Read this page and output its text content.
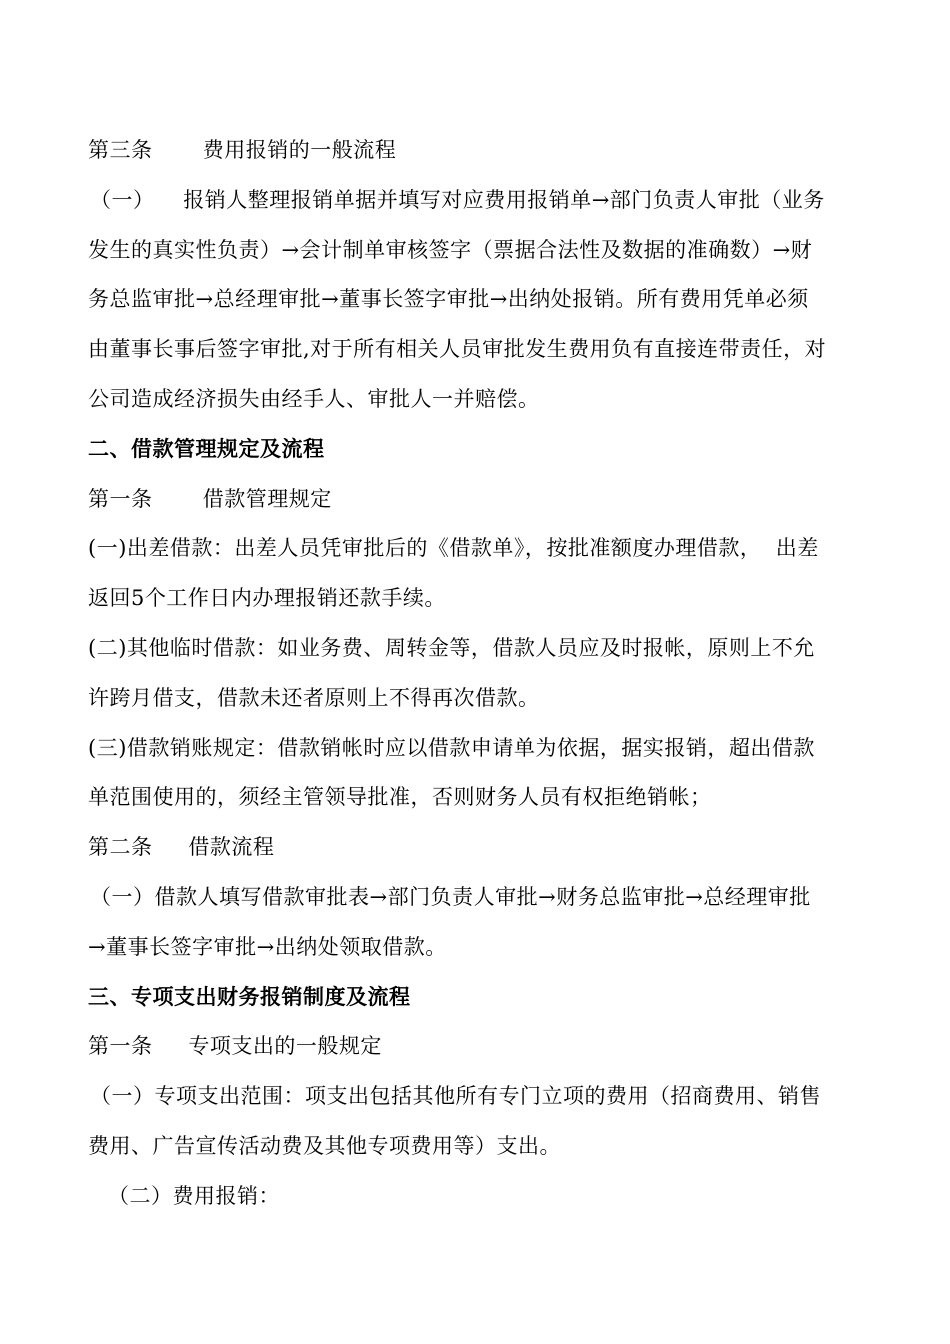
第三条       费用报销的一般流程
（一）    报销人整理报销单据并填写对应费用报销单→部门负责人审批（业务
发生的真实性负责）→会计制单审核签字（票据合法性及数据的准确数）→财
务总监审批→总经理审批→董事长签字审批→出纳处报销。所有费用凭单必须
由董事长事后签字审批,对于所有相关人员审批发生费用负有直接连带责任，对
公司造成经济损失由经手人、审批人一并赔偿。
二、借款管理规定及流程
第一条       借款管理规定
(一)出差借款：出差人员凭审批后的《借款单》，按批准额度办理借款，  出差
返回5个工作日内办理报销还款手续。
(二)其他临时借款：如业务费、周转金等，借款人员应及时报帐，原则上不允
许跨月借支，借款未还者原则上不得再次借款。
(三)借款销账规定：借款销帐时应以借款申请单为依据，据实报销，超出借款
单范围使用的，须经主管领导批准，否则财务人员有权拒绝销帐；
第二条     借款流程
（一）借款人填写借款审批表→部门负责人审批→财务总监审批→总经理审批
→董事长签字审批→出纳处领取借款。
三、专项支出财务报销制度及流程
第一条     专项支出的一般规定
（一）专项支出范围：项支出包括其他所有专门立项的费用（招商费用、销售
费用、广告宣传活动费及其他专项费用等）支出。
（二）费用报销：
